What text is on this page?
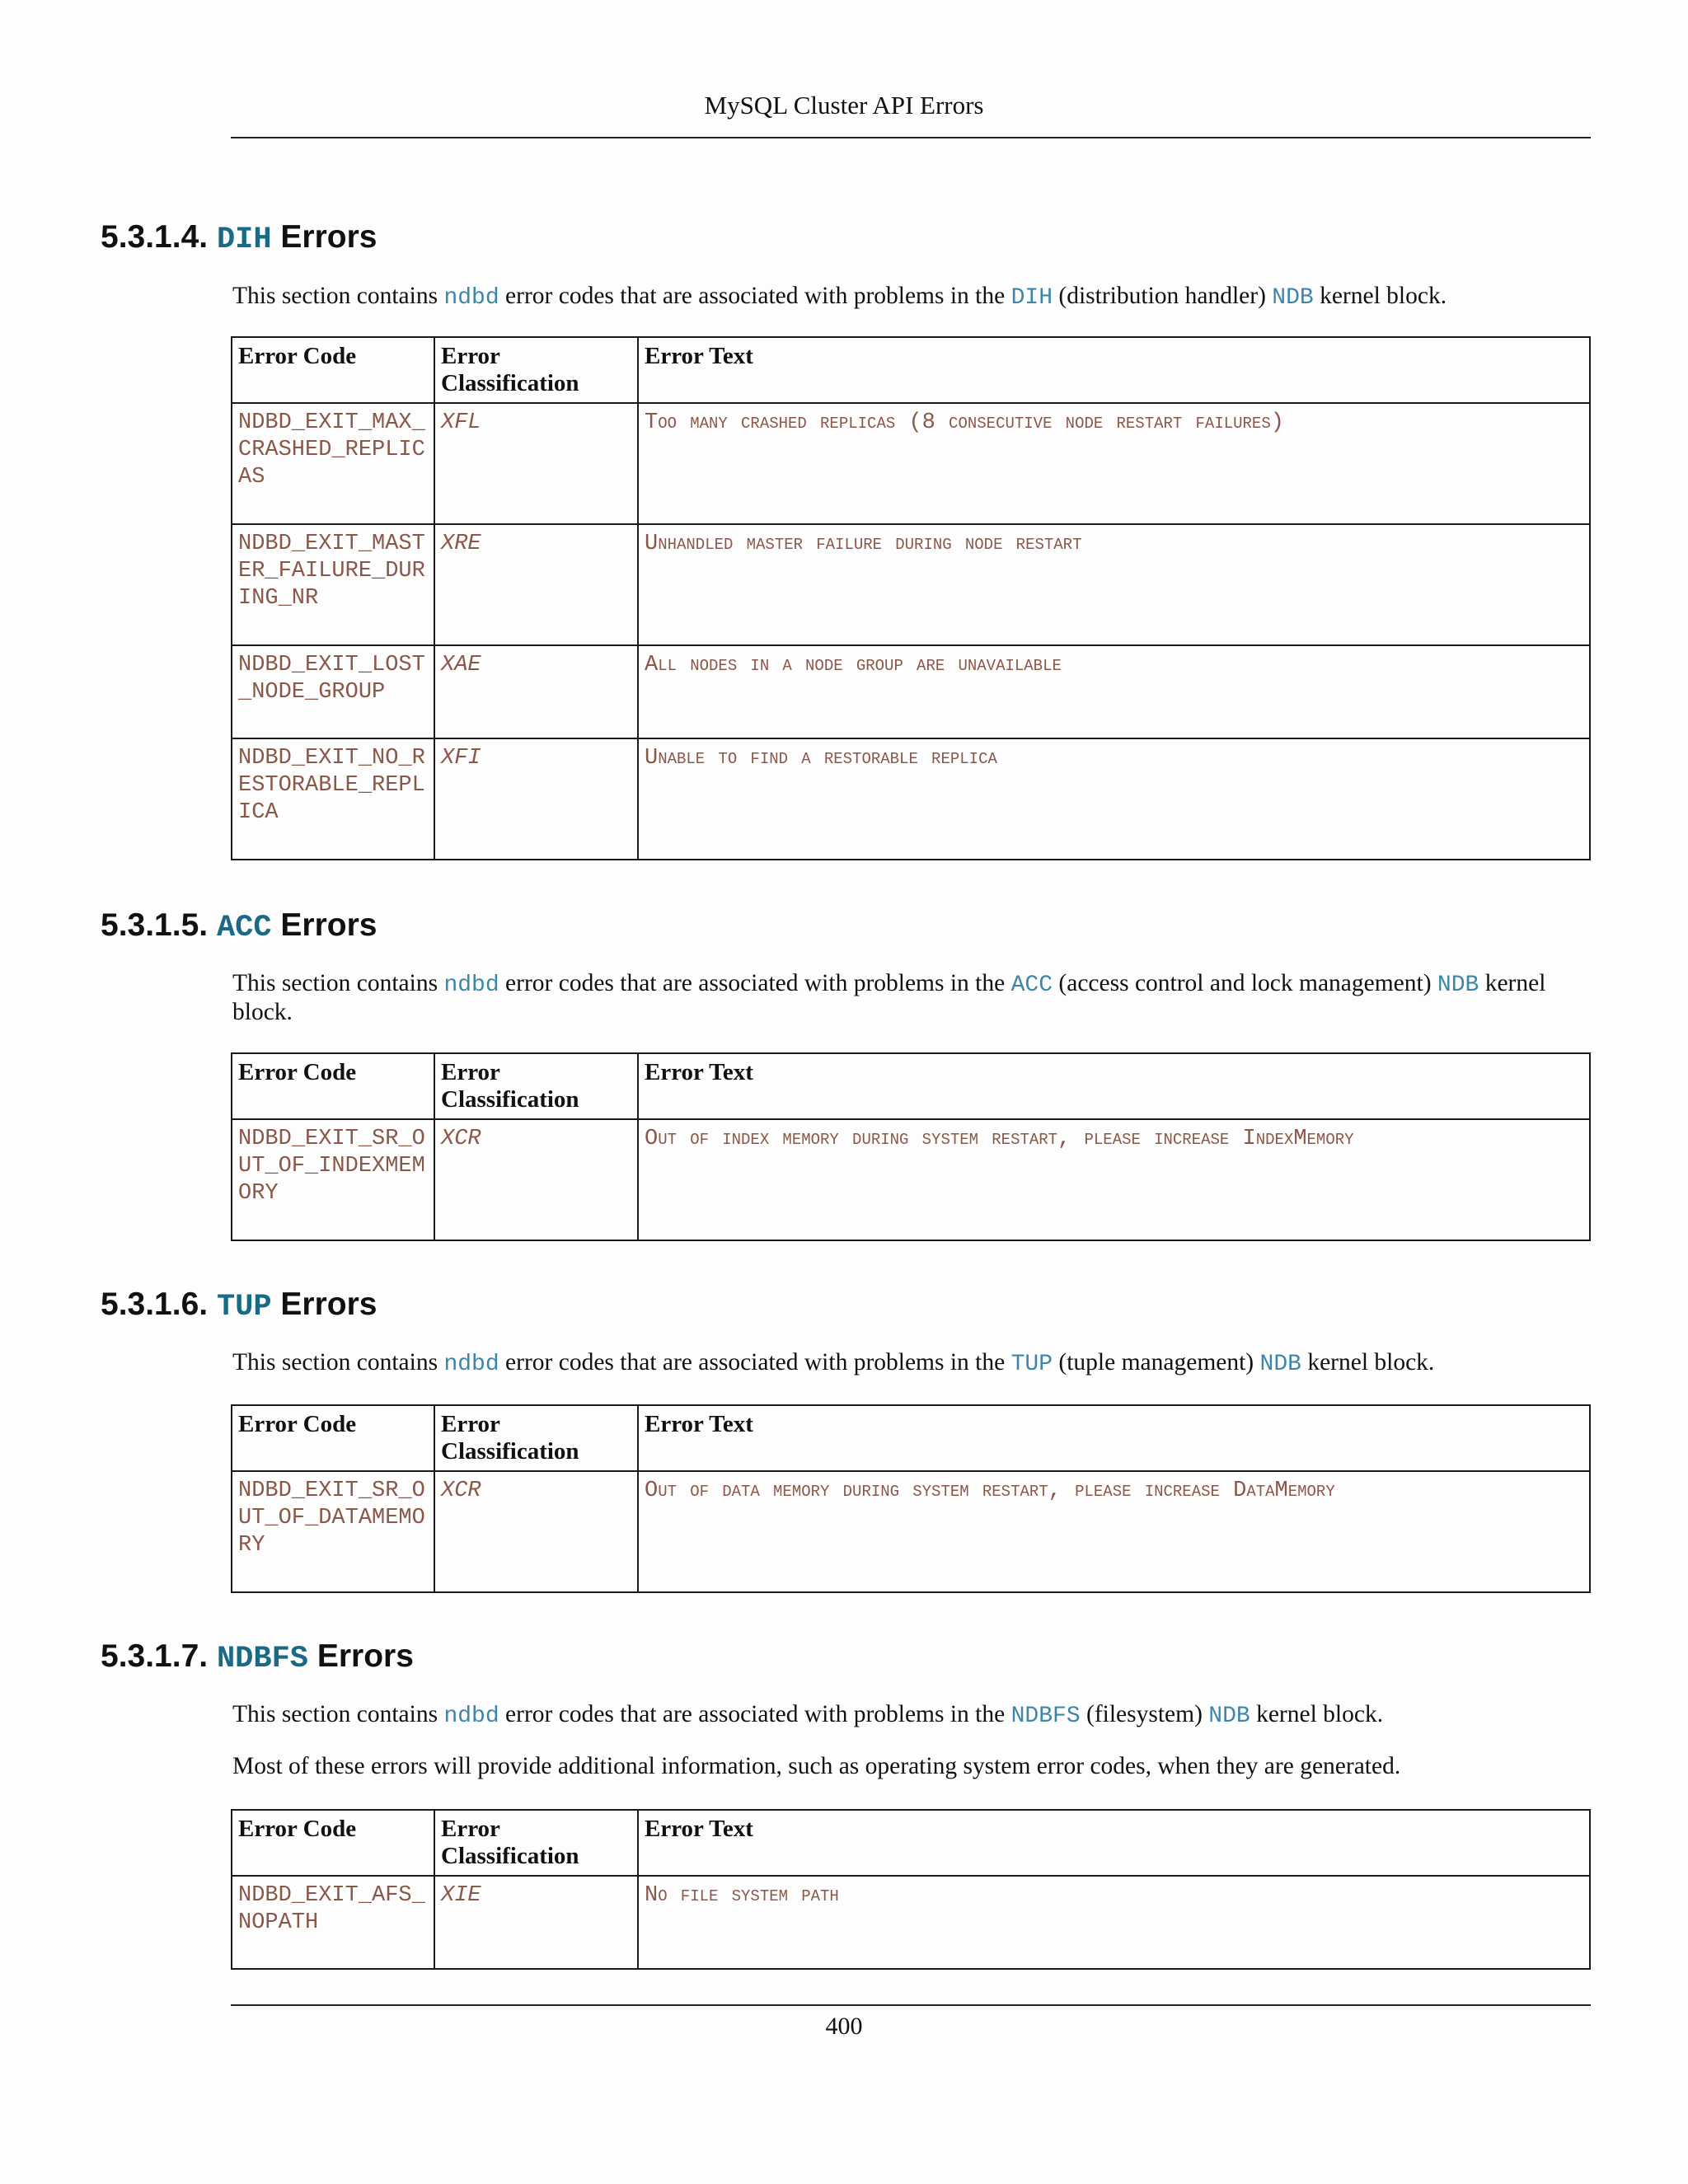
MySQL Cluster API Errors
5.3.1.4. DIH Errors

This section contains ndbd error codes that are associated with problems in the DIH (distribution handler) NDB kernel block.

Error Code	Error Classification	Error Text
NDBD_EXIT_MAX_CRASHED_REPLICAS	XFL	Too many crashed replicas (8 consecutive node restart failures)
NDBD_EXIT_MASTER_FAILURE_DURING_NR	XRE	Unhandled master failure during node restart
NDBD_EXIT_LOST_NODE_GROUP	XAE	All nodes in a node group are unavailable
NDBD_EXIT_NO_RESTORABLE_REPLICA	XFI	Unable to find a restorable replica
5.3.1.5. ACC Errors

This section contains ndbd error codes that are associated with problems in the ACC (access control and lock management) NDB kernel block.

Error Code	Error Classification	Error Text
NDBD_EXIT_SR_OUT_OF_INDEXMEMORY	XCR	Out of index memory during system restart, please increase IndexMemory
5.3.1.6. TUP Errors

This section contains ndbd error codes that are associated with problems in the TUP (tuple management) NDB kernel block.

Error Code	Error Classification	Error Text
NDBD_EXIT_SR_OUT_OF_DATAMEMORY	XCR	Out of data memory during system restart, please increase DataMemory
5.3.1.7. NDBFS Errors

This section contains ndbd error codes that are associated with problems in the NDBFS (filesystem) NDB kernel block.

Most of these errors will provide additional information, such as operating system error codes, when they are generated.

Error Code	Error Classification	Error Text
NDBD_EXIT_AFS_NOPATH	XIE	No file system path
400
